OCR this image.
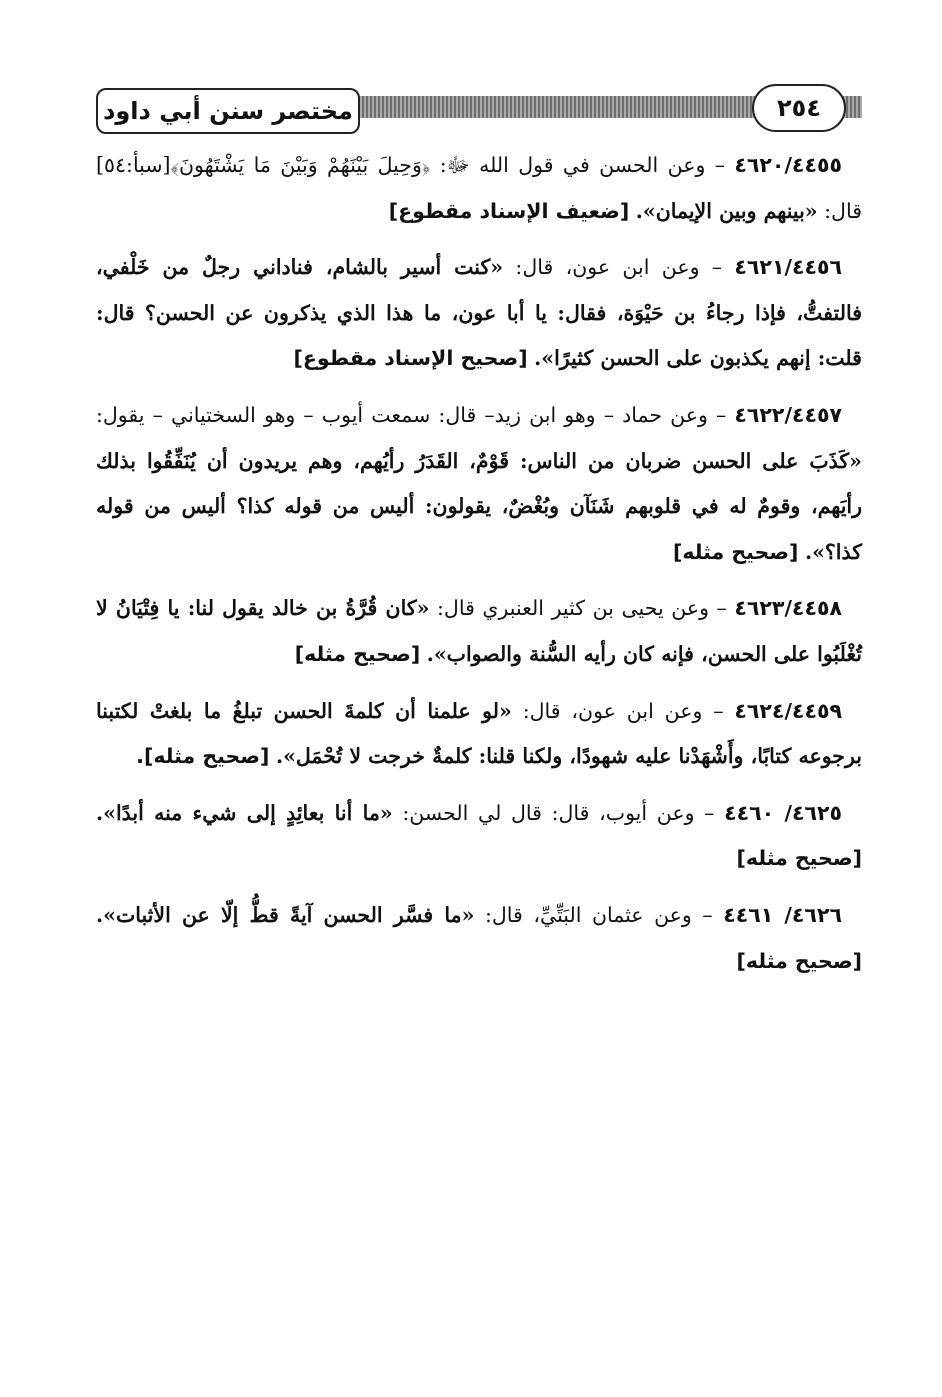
مختصر سنن أبي داود	٢٥٤

٤٦٢٠/٤٤٥٥ – وعن الحسن في قول الله ﷻ: ﴿وَحِيلَ بَيْنَهُمْ وَبَيْنَ مَا يَشْتَهُونَ﴾[سبأ:٥٤] قال: «بينهم وبين الإيمان». [ضعيف الإسناد مقطوع]

٤٦٢١/٤٤٥٦ – وعن ابن عون، قال: «كنت أسير بالشام، فناداني رجلٌ من خَلْفي، فالتفتُّ، فإذا رجاءُ بن حَيْوَة، فقال: يا أبا عون، ما هذا الذي يذكرون عن الحسن؟ قال: قلت: إنهم يكذبون على الحسن كثيرًا». [صحيح الإسناد مقطوع]

٤٦٢٢/٤٤٥٧ – وعن حماد – وهو ابن زيد– قال: سمعت أيوب – وهو السختياني – يقول: «كَذَبَ على الحسن ضربان من الناس: قَوْمٌ، القَدَرُ رأيُهم، وهم يريدون أن يُنَفِّقُوا بذلك رأيَهم، وقومٌ له في قلوبهم شَنَآن وبُغْضٌ، يقولون: أليس من قوله كذا؟ أليس من قوله كذا؟». [صحيح مثله]

٤٦٢٣/٤٤٥٨ – وعن يحيى بن كثير العنبري قال: «كان قُرَّةُ بن خالد يقول لنا: يا فِتْيَانُ لا تُغْلَبُوا على الحسن، فإنه كان رأيه السُّنة والصواب». [صحيح مثله]

٤٦٢٤/٤٤٥٩ – وعن ابن عون، قال: «لو علمنا أن كلمةَ الحسن تبلغُ ما بلغتْ لكتبنا برجوعه كتابًا، وأَشْهَدْنا عليه شهودًا، ولكنا قلنا: كلمةٌ خرجت لا تُحْمَل». [صحيح مثله].

٤٦٢٥/ ٤٤٦٠ – وعن أيوب، قال: قال لي الحسن: «ما أنا بعائِدٍ إلى شيء منه أبدًا». [صحيح مثله]

٤٦٢٦/ ٤٤٦١ – وعن عثمان البَتِّيِّ، قال: «ما فسَّر الحسن آيةً قطُّ إلّا عن الأثبات». [صحيح مثله]
